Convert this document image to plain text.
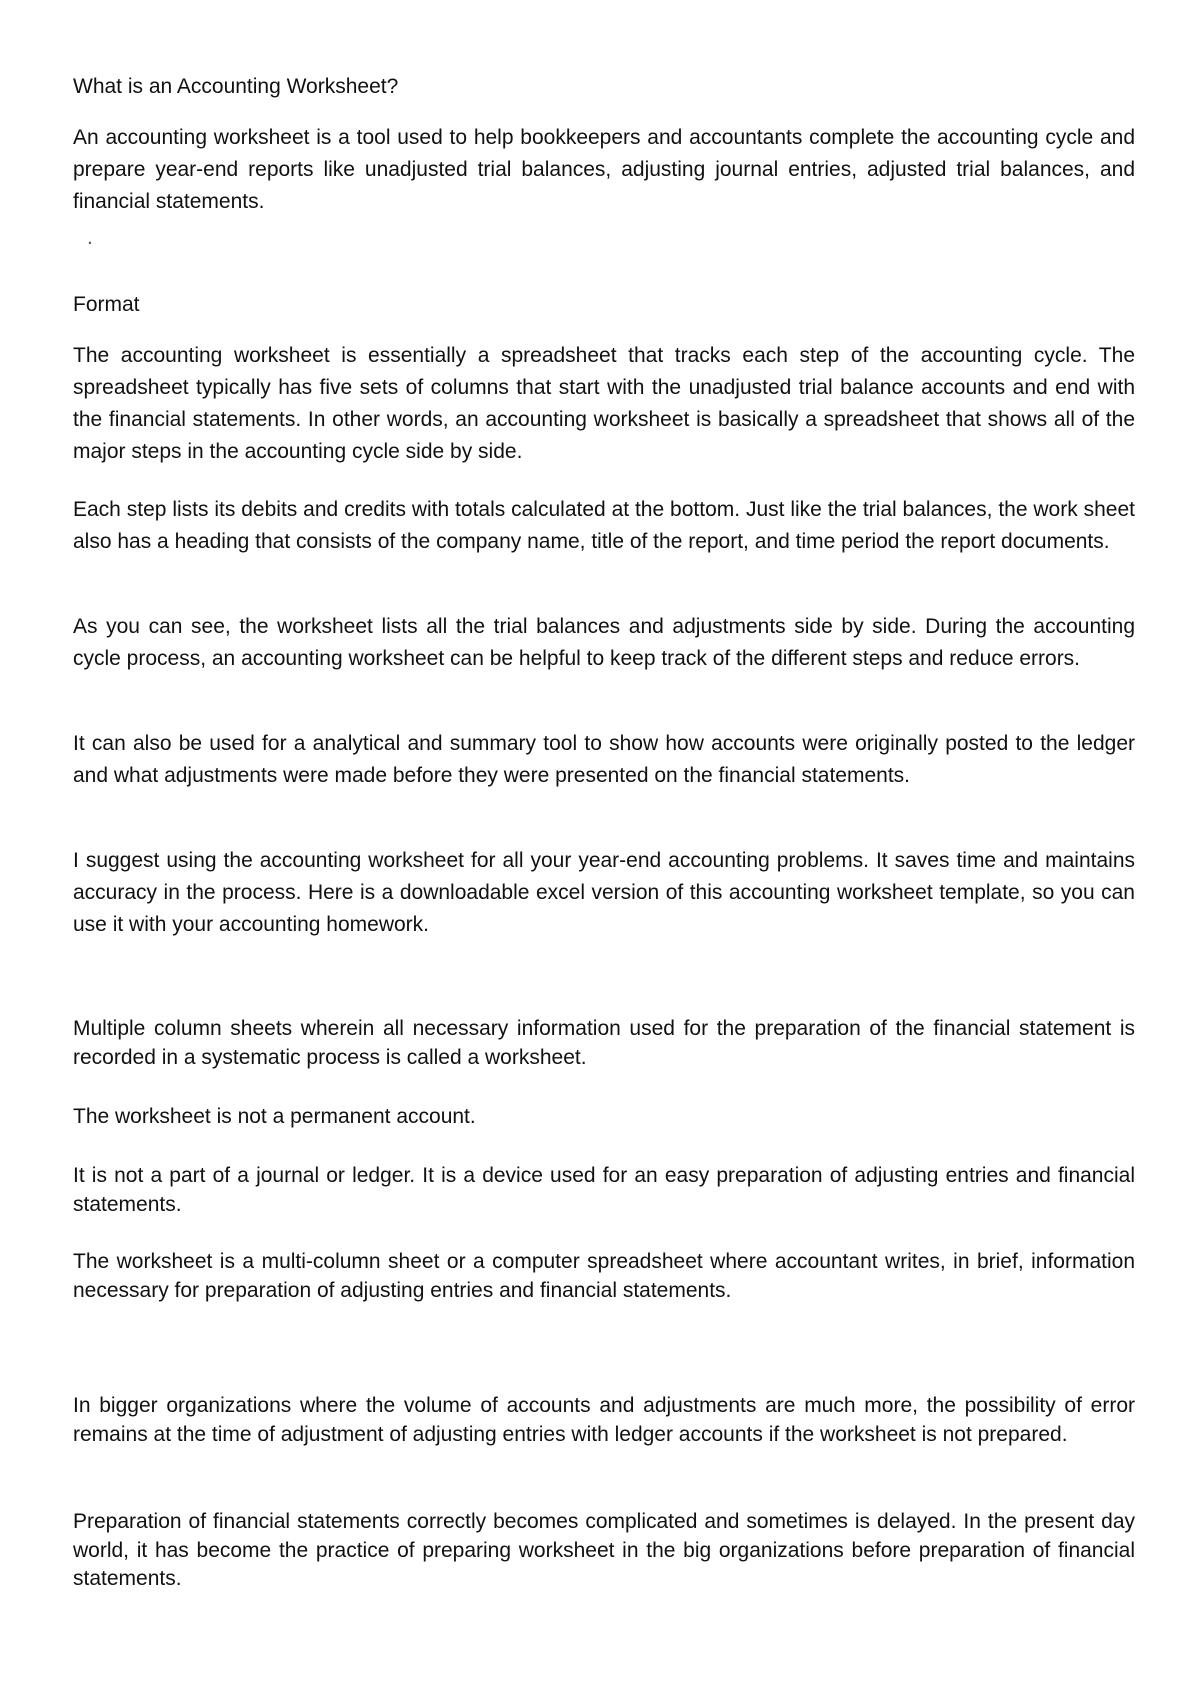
What is an Accounting Worksheet?

An accounting worksheet is a tool used to help bookkeepers and accountants complete the accounting cycle and prepare year-end reports like unadjusted trial balances, adjusting journal entries, adjusted trial balances, and financial statements.

.
Format

The accounting worksheet is essentially a spreadsheet that tracks each step of the accounting cycle. The spreadsheet typically has five sets of columns that start with the unadjusted trial balance accounts and end with the financial statements. In other words, an accounting worksheet is basically a spreadsheet that shows all of the major steps in the accounting cycle side by side.

Each step lists its debits and credits with totals calculated at the bottom. Just like the trial balances, the work sheet also has a heading that consists of the company name, title of the report, and time period the report documents.

As you can see, the worksheet lists all the trial balances and adjustments side by side. During the accounting cycle process, an accounting worksheet can be helpful to keep track of the different steps and reduce errors.

It can also be used for a analytical and summary tool to show how accounts were originally posted to the ledger and what adjustments were made before they were presented on the financial statements.

I suggest using the accounting worksheet for all your year-end accounting problems. It saves time and maintains accuracy in the process. Here is a downloadable excel version of this accounting worksheet template, so you can use it with your accounting homework.

Multiple column sheets wherein all necessary information used for the preparation of the financial statement is recorded in a systematic process is called a worksheet.

The worksheet is not a permanent account.

It is not a part of a journal or ledger. It is a device used for an easy preparation of adjusting entries and financial statements.

The worksheet is a multi-column sheet or a computer spreadsheet where accountant writes, in brief, information necessary for preparation of adjusting entries and financial statements.

In bigger organizations where the volume of accounts and adjustments are much more, the possibility of error remains at the time of adjustment of adjusting entries with ledger accounts if the worksheet is not prepared.

Preparation of financial statements correctly becomes complicated and sometimes is delayed. In the present day world, it has become the practice of preparing worksheet in the big organizations before preparation of financial statements.
